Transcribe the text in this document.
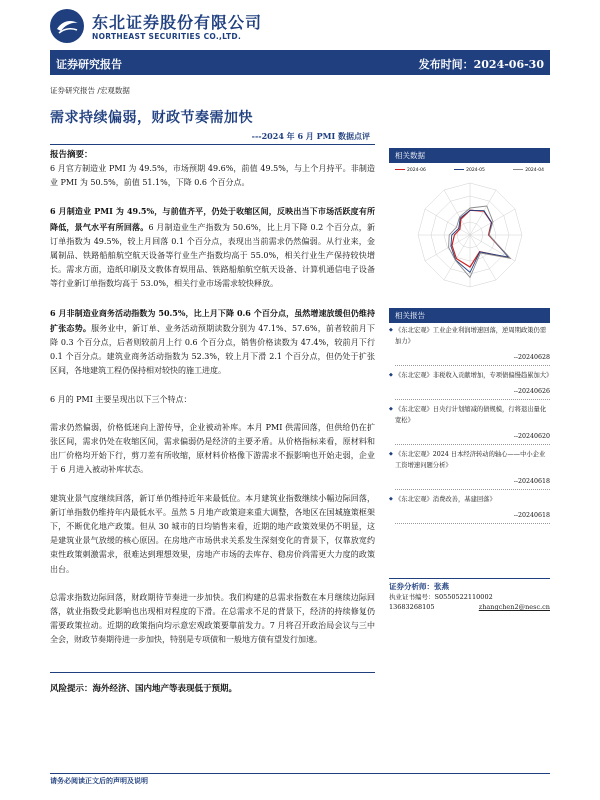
东北证券股份有限公司
NORTHEAST SECURITIES CO.,LTD.
证券研究报告	发布时间：2024-06-30
证券研究报告 /宏观数据
需求持续偏弱，财政节奏需加快
---2024 年 6 月 PMI 数据点评
报告摘要：

6 月官方制造业 PMI 为 49.5%，市场预期 49.6%，前值 49.5%，与上个月持平。非制造业 PMI 为 50.5%，前值 51.1%，下降 0.6 个百分点。

6 月制造业 PMI 为 49.5%，与前值齐平，仍处于收缩区间，反映出当下市场活跃度有所降低，景气水平有所回落。6 月制造业生产指数为 50.6%，比上月下降 0.2 个百分点，新订单指数为 49.5%，较上月回落 0.1 个百分点，表现出当前需求仍然偏弱。从行业来，金属制品、铁路船舶航空航天设备等行业生产指数均高于 55.0%，相关行业生产保持较快增长。需求方面，造纸印刷及文教体育娱用品、铁路船舶航空航天设备、计算机通信电子设备等行业新订单指数均高于 53.0%，相关行业市场需求较快释放。

6 月非制造业商务活动指数为 50.5%，比上月下降 0.6 个百分点，虽然增速放缓但仍维持扩张态势。服务业中，新订单、业务活动预期读数分别为 47.1%、57.6%，前者较前月下降 0.3 个百分点，后者则较前月上行 0.6 个百分点，销售价格读数为 47.4%，较前月下行 0.1 个百分点。建筑业商务活动指数为 52.3%，较上月下滑 2.1 个百分点，但仍处于扩张区间，各地建筑工程仍保持相对较快的施工进度。

6 月的 PMI 主要呈现出以下三个特点：

需求仍然偏弱，价格低迷向上游传导，企业被动补库。本月 PMI 供需回落，但供给仍在扩张区间，需求仍处在收缩区间，需求偏弱仍是经济的主要矛盾。从价格指标来看，原材料和出厂价格均开始下行，剪刀差有所收缩，原材料价格像下游需求不振影响也开始走弱，企业于 6 月进入被动补库状态。

建筑业景气度继续回落，新订单仍维持近年来最低位。本月建筑业指数继续小幅边际回落，新订单指数仍维持年内最低水平。虽然 5 月地产政策迎来重大调整，各地区在国城施策框架下，不断优化地产政策。但从 30 城市的日均销售来看，近期的地产政策效果仍不明显，这是建筑业景气放缓的核心原因。在房地产市场供求关系发生深刻变化的背景下，仅靠放宽约束性政策刺激需求，很难达到理想效果，房地产市场的去库存、稳房价尚需更大力度的政策出台。

总需求指数边际回落，财政期待节奏进一步加快。我们构建的总需求指数在本月继续边际回落，就业指数受此影响也出现相对程度的下滑。在总需求不足的背景下，经济的持续修复仍需要政策拉动。近期的政策指向均示意宏观政策要靠前发力。7 月将召开政治局会议与三中全会，财政节奏期待进一步加快，特别是专项债和一般地方债有望发行加速。

相关数据
2024-06	2024-05	2024-04
相关报告
◆ 《东北宏观》工业企业利润增速回落，逆周期政策仍需加力》
--20240628
◆ 《东北宏观》非税收入贡献增加，专项债偏慢趋累加大》
--20240626
◆ 《东北宏观》日央行计划缩减的债规模，行将退出量化宽松》
--20240620
◆ 《东北宏观》2024 日本经济转动的轴心——中小企业工资增速问题分析》
--20240618
◆ 《东北宏观》消费改善，基建回落》
--20240618
证券分析师：张燕
执业证书编号：S0550522110002
13683268105	zhangchen2@nesc.cn
风险提示：海外经济、国内地产等表现低于预期。
请务必阅读正文后的声明及说明
